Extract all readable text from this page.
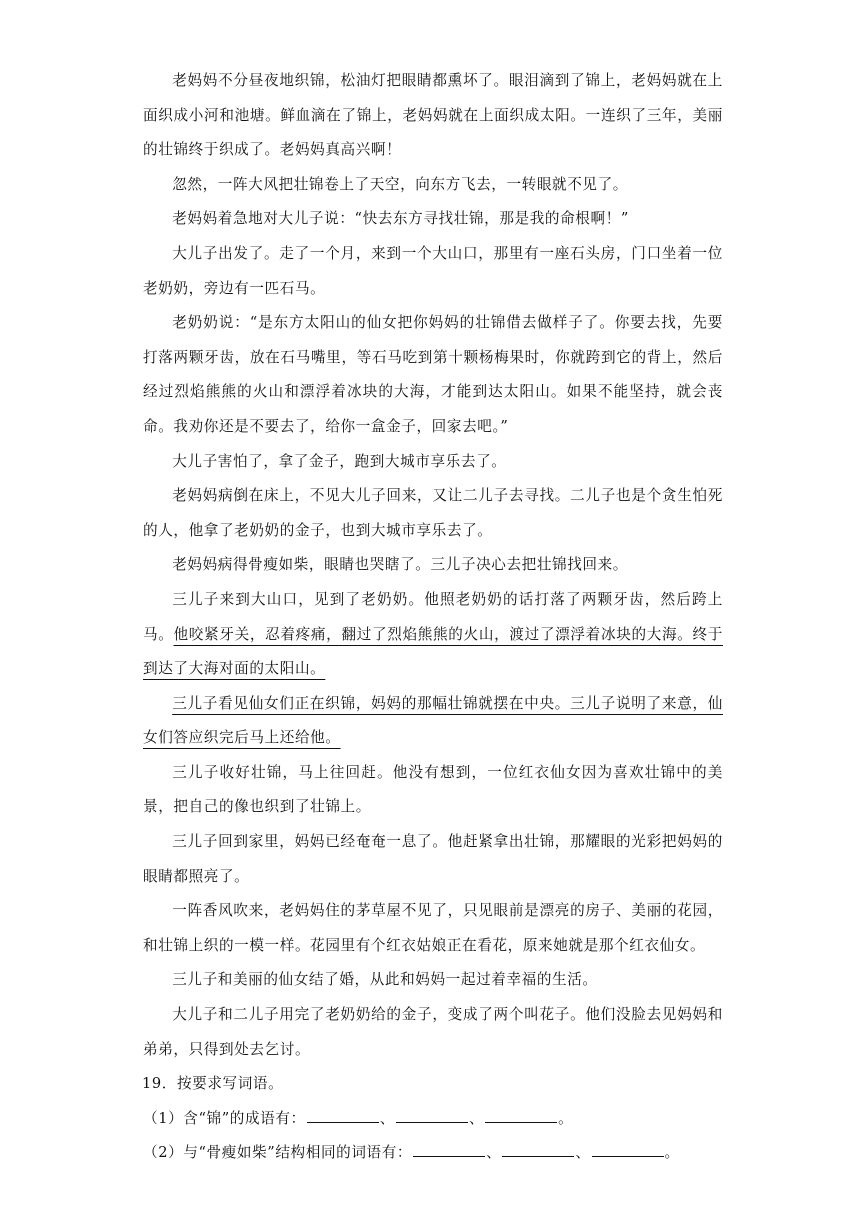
老妈妈不分昼夜地织锦，松油灯把眼睛都熏坏了。眼泪滴到了锦上，老妈妈就在上面织成小河和池塘。鲜血滴在了锦上，老妈妈就在上面织成太阳。一连织了三年，美丽的壮锦终于织成了。老妈妈真高兴啊！

忽然，一阵大风把壮锦卷上了天空，向东方飞去，一转眼就不见了。

老妈妈着急地对大儿子说：“快去东方寻找壮锦，那是我的命根啊！”

大儿子出发了。走了一个月，来到一个大山口，那里有一座石头房，门口坐着一位老奶奶，旁边有一匹石马。

老奶奶说：“是东方太阳山的仙女把你妈妈的壮锦借去做样子了。你要去找，先要打落两颗牙齿，放在石马嘴里，等石马吃到第十颗杨梅果时，你就跨到它的背上，然后经过烈焰熊熊的火山和漂浮着冰块的大海，才能到达太阳山。如果不能坚持，就会丧命。我劝你还是不要去了，给你一盒金子，回家去吧。”

大儿子害怕了，拿了金子，跑到大城市享乐去了。

老妈妈病倒在床上，不见大儿子回来，又让二儿子去寻找。二儿子也是个贪生怕死的人，他拿了老奶奶的金子，也到大城市享乐去了。

老妈妈病得骨瘦如柴，眼睛也哭瞎了。三儿子决心去把壮锦找回来。

三儿子来到大山口，见到了老奶奶。他照老奶奶的话打落了两颗牙齿，然后跨上马。他咬紧牙关，忍着疼痛，翻过了烈焰熊熊的火山，渡过了漂浮着冰块的大海。终于到达了大海对面的太阳山。

三儿子看见仙女们正在织锦，妈妈的那幅壮锦就摆在中央。三儿子说明了来意，仙女们答应织完后马上还给他。

三儿子收好壮锦，马上往回赶。他没有想到，一位红衣仙女因为喜欢壮锦中的美景，把自己的像也织到了壮锦上。

三儿子回到家里，妈妈已经奄奄一息了。他赶紧拿出壮锦，那耀眼的光彩把妈妈的眼睛都照亮了。

一阵香风吹来，老妈妈住的茅草屋不见了，只见眼前是漂亮的房子、美丽的花园，和壮锦上织的一模一样。花园里有个红衣姑娘正在看花，原来她就是那个红衣仙女。

三儿子和美丽的仙女结了婚，从此和妈妈一起过着幸福的生活。

大儿子和二儿子用完了老奶奶给的金子，变成了两个叫花子。他们没脸去见妈妈和弟弟，只得到处去乞讨。

19．按要求写词语。

（1）含“锦”的成语有：	、	、	。

（2）与“骨瘦如柴”结构相同的词语有：	、	、	。
